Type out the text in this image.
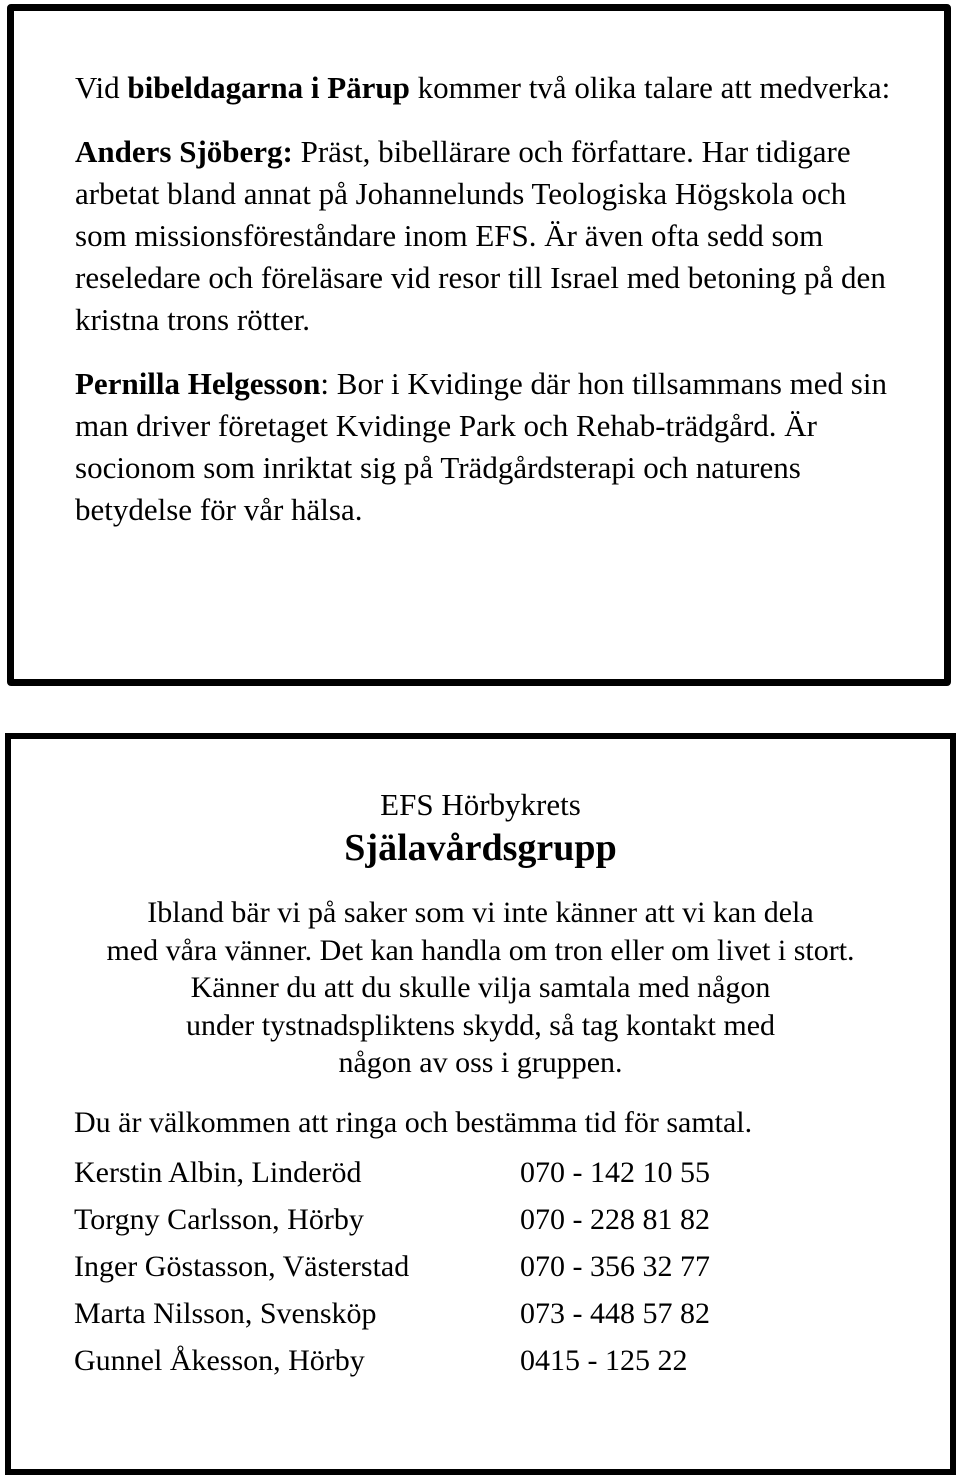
Vid bibeldagarna i Pärup kommer två olika talare att medverka:

Anders Sjöberg: Präst, bibellärare och författare. Har tidigare arbetat bland annat på Johannelunds Teologiska Högskola och som missionsföreståndare inom EFS. Är även ofta sedd som reseledare och föreläsare vid resor till Israel med betoning på den kristna trons rötter.

Pernilla Helgesson: Bor i Kvidinge där hon tillsammans med sin man driver företaget Kvidinge Park och Rehab-trädgård. Är socionom som inriktat sig på Trädgårdsterapi och naturens betydelse för vår hälsa.

EFS Hörbykrets
Själavårdsgrupp
Ibland bär vi på saker som vi inte känner att vi kan dela
med våra vänner. Det kan handla om tron eller om livet i stort.
Känner du att du skulle vilja samtala med någon
under tystnadspliktens skydd, så tag kontakt med
någon av oss i gruppen.
Du är välkommen att ringa och bestämma tid för samtal.
Kerstin Albin, Linderöd	070 - 142 10 55
Torgny Carlsson, Hörby	070 - 228 81 82
Inger Göstasson, Västerstad	070 - 356 32 77
Marta Nilsson, Svensköp	073 - 448 57 82
Gunnel Åkesson, Hörby	0415 - 125 22
